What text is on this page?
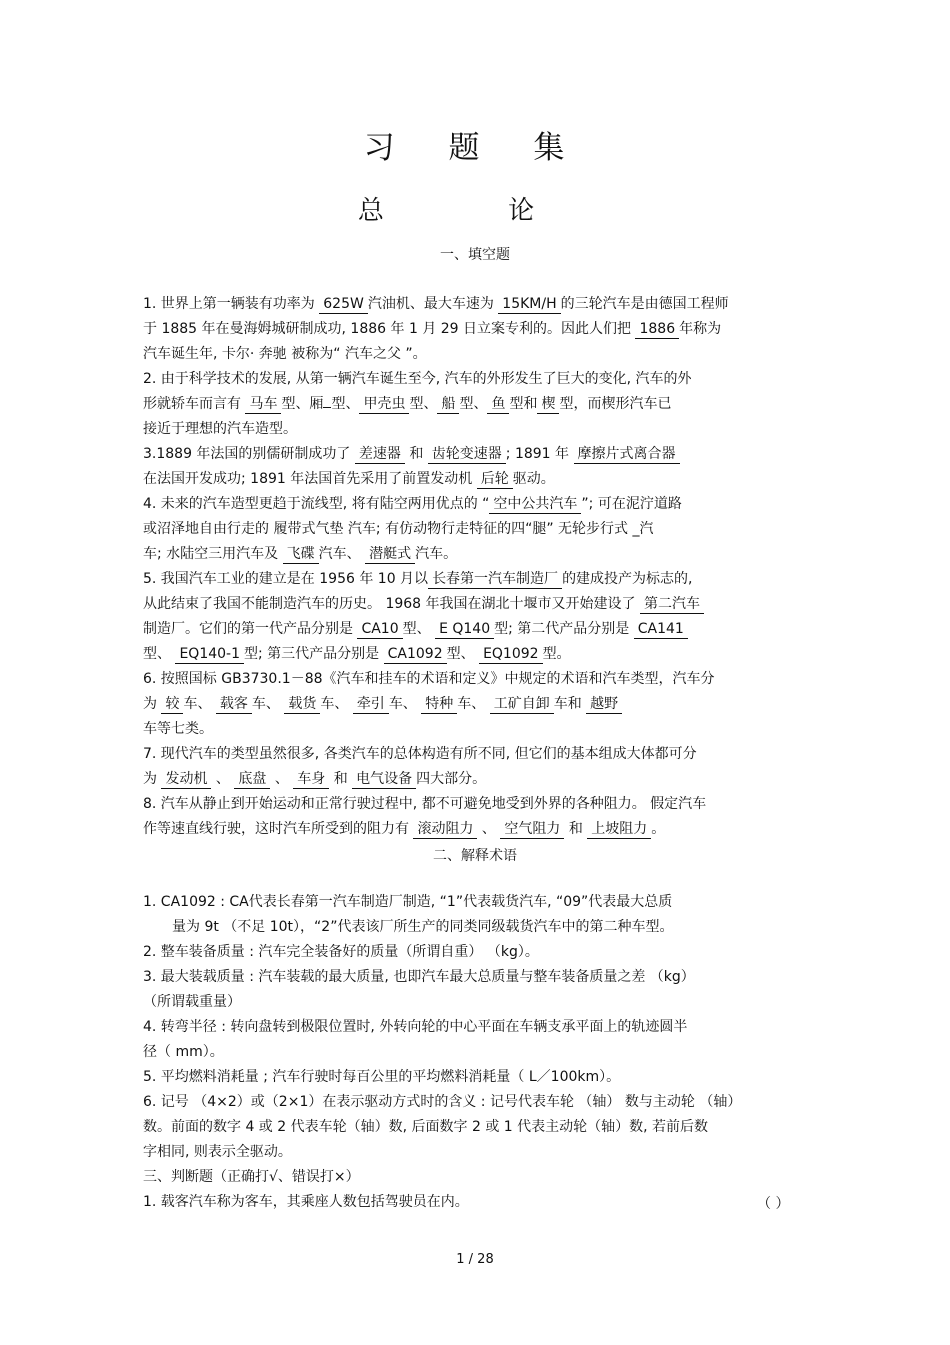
习 题 集
总 论
一、填空题
1. 世界上第一辆装有功率为 625W 汽油机、最大车速为 15KM/H 的三轮汽车是由德国工程师
于 1885 年在曼海姆城研制成功, 1886 年 1 月 29 日立案专利的。因此人们把 1886 年称为
汽车诞生年, 卡尔· 奔驰 被称为“ 汽车之父 ”。
2. 由于科学技术的发展, 从第一辆汽车诞生至今, 汽车的外形发生了巨大的变化, 汽车的外
形就轿车而言有 马车 型、厢 型、 甲壳虫 型、 船 型、 鱼 型和 楔 型，而楔形汽车已
接近于理想的汽车造型。
3.1889 年法国的别儒研制成功了 差速器 和 齿轮变速器 ; 1891 年 摩擦片式离合器
在法国开发成功; 1891 年法国首先采用了前置发动机 后轮 驱动。
4. 未来的汽车造型更趋于流线型, 将有陆空两用优点的 “ 空中公共汽车 ”; 可在泥泞道路
或沼泽地自由行走的 履带式气垫 汽车; 有仿动物行走特征的四“腿” 无轮步行式 _汽
车; 水陆空三用汽车及 飞碟 汽车、 潜艇式 汽车。
5. 我国汽车工业的建立是在 1956 年 10 月以 长春第一汽车制造厂 的建成投产为标志的,
从此结束了我国不能制造汽车的历史。 1968 年我国在湖北十堰市又开始建设了 第二汽车
制造厂。它们的第一代产品分别是 CA10 型、 E Q140 型; 第二代产品分别是 CA141
型、 EQ140-1 型; 第三代产品分别是 CA1092 型、 EQ1092 型。
6. 按照国标 GB3730.1－88《汽车和挂车的术语和定义》中规定的术语和汽车类型，汽车分
为 较 车、 载客 车、 载货 车、 牵引 车、 特种 车、 工矿自卸 车和 越野
车等七类。
7. 现代汽车的类型虽然很多, 各类汽车的总体构造有所不同, 但它们的基本组成大体都可分
为 发动机 、 底盘 、 车身 和 电气设备 四大部分。
8. 汽车从静止到开始运动和正常行驶过程中, 都不可避免地受到外界的各种阻力。 假定汽车
作等速直线行驶，这时汽车所受到的阻力有 滚动阻力 、 空气阻力 和 上坡阻力 。
二、解释术语
1. CA1092 : CA代表长春第一汽车制造厂制造, “1”代表载货汽车, “09”代表最大总质
量为 9t （不足 10t），“2”代表该厂所生产的同类同级载货汽车中的第二种车型。
2. 整车装备质量 : 汽车完全装备好的质量（所谓自重） （kg）。
3. 最大装载质量 : 汽车装载的最大质量, 也即汽车最大总质量与整车装备质量之差 （kg）
（所谓载重量）
4. 转弯半径 : 转向盘转到极限位置时, 外转向轮的中心平面在车辆支承平面上的轨迹圆半
径（ mm）。
5. 平均燃料消耗量 ; 汽车行驶时每百公里的平均燃料消耗量（ L／100km）。
6. 记号 （4×2）或（2×1）在表示驱动方式时的含义 : 记号代表车轮 （轴） 数与主动轮 （轴）
数。前面的数字 4 或 2 代表车轮（轴）数, 后面数字 2 或 1 代表主动轮（轴）数, 若前后数
字相同, 则表示全驱动。
三、判断题（正确打√、错误打×）
1. 载客汽车称为客车，其乘座人数包括驾驶员在内。	（ ）
1 / 28
